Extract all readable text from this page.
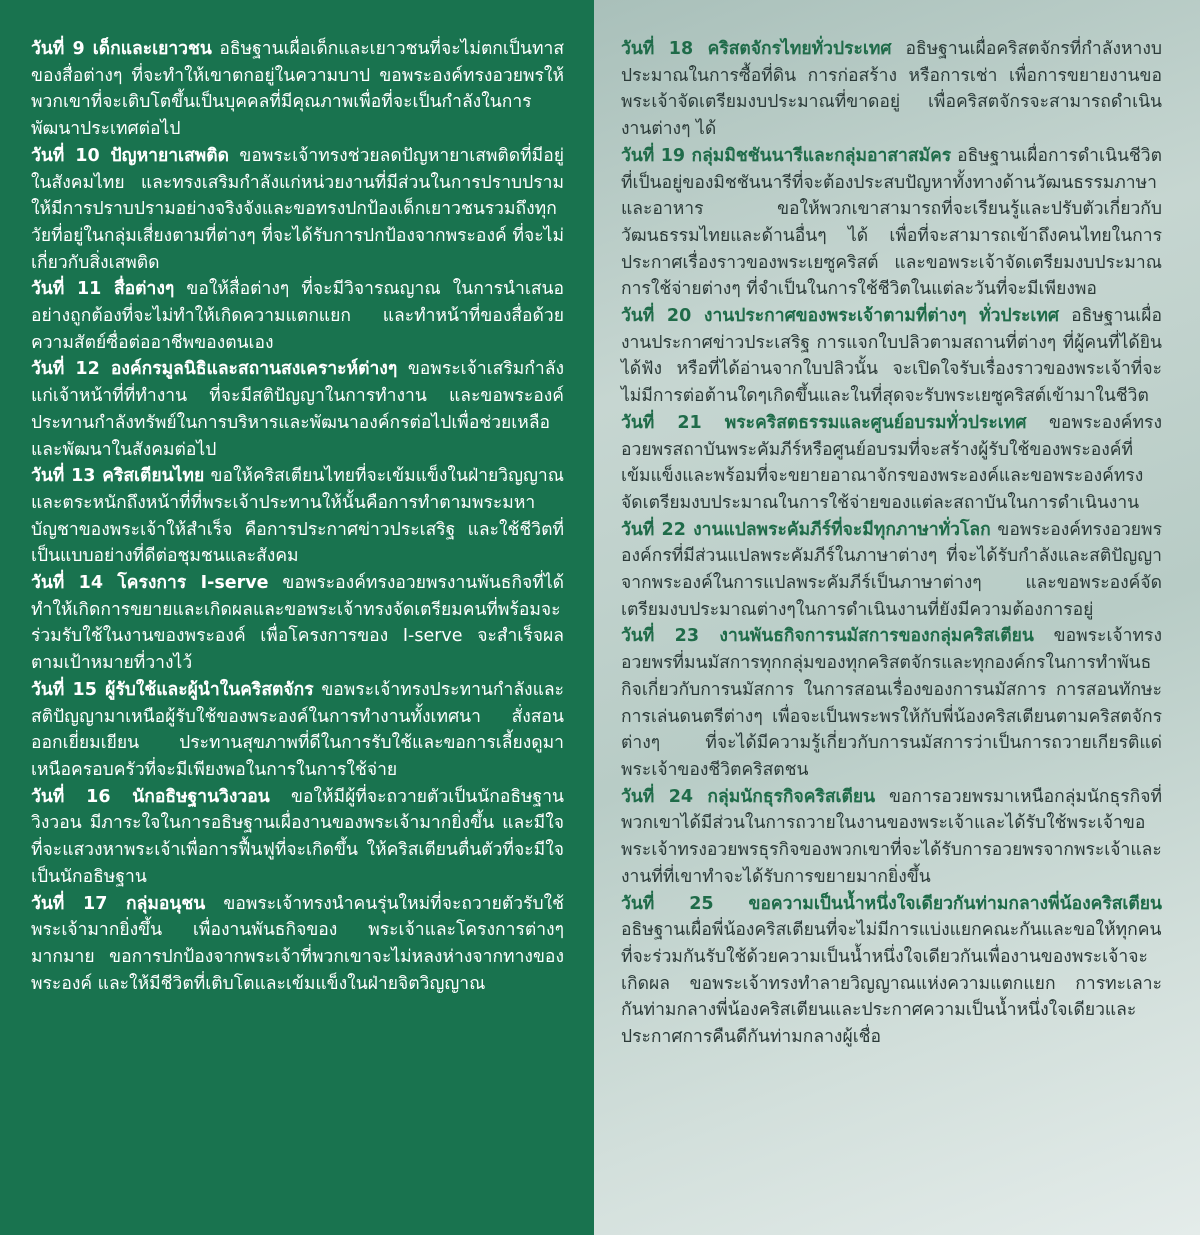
วันที่ 9 เด็กและเยาวชน อธิษฐานเผื่อเด็กและเยาวชนที่จะไม่ตกเป็นทาสของสื่อต่างๆ ที่จะทำให้เขาตกอยู่ในความบาป ขอพระองค์ทรงอวยพรให้พวกเขาที่จะเติบโตขึ้นเป็นบุคคลที่มีคุณภาพเพื่อที่จะเป็นกำลังในการพัฒนาประเทศต่อไป

วันที่ 10 ปัญหายาเสพติด ขอพระเจ้าทรงช่วยลดปัญหายาเสพติดที่มีอยู่ในสังคมไทย และทรงเสริมกำลังแก่หน่วยงานที่มีส่วนในการปราบปรามให้มีการปราบปรามอย่างจริงจังและขอทรงปกป้องเด็กเยาวชนรวมถึงทุกวัยที่อยู่ในกลุ่มเสี่ยงตามที่ต่างๆ ที่จะได้รับการปกป้องจากพระองค์ ที่จะไม่เกี่ยวกับสิ่งเสพติด

วันที่ 11 สื่อต่างๆ ขอให้สื่อต่างๆ ที่จะมีวิจารณญาณ ในการนำเสนออย่างถูกต้องที่จะไม่ทำให้เกิดความแตกแยก และทำหน้าที่ของสื่อด้วยความสัตย์ซื่อต่ออาชีพของตนเอง

วันที่ 12 องค์กรมูลนิธิและสถานสงเคราะห์ต่างๆ ขอพระเจ้าเสริมกำลังแก่เจ้าหน้าที่ที่ทำงาน ที่จะมีสติปัญญาในการทำงาน และขอพระองค์ประทานกำลังทรัพย์ในการบริหารและพัฒนาองค์กรต่อไปเพื่อช่วยเหลือและพัฒนาในสังคมต่อไป

วันที่ 13 คริสเตียนไทย ขอให้คริสเตียนไทยที่จะเข้มแข็งในฝ่ายวิญญาณ และตระหนักถึงหน้าที่ที่พระเจ้าประทานให้นั้นคือการทำตามพระมหาบัญชาของพระเจ้าให้สำเร็จ คือการประกาศข่าวประเสริฐ และใช้ชีวิตที่เป็นแบบอย่างที่ดีต่อชุมชนและสังคม

วันที่ 14 โครงการ I-serve ขอพระองค์ทรงอวยพรงานพันธกิจที่ได้ทำให้เกิดการขยายและเกิดผลและขอพระเจ้าทรงจัดเตรียมคนที่พร้อมจะร่วมรับใช้ในงานของพระองค์ เพื่อโครงการของ I-serve จะสำเร็จผลตามเป้าหมายที่วางไว้

วันที่ 15 ผู้รับใช้และผู้นำในคริสตจักร ขอพระเจ้าทรงประทานกำลังและสติปัญญามาเหนือผู้รับใช้ของพระองค์ในการทำงานทั้งเทศนา สั่งสอน ออกเยี่ยมเยียน ประทานสุขภาพที่ดีในการรับใช้และขอการเลี้ยงดูมาเหนือครอบครัวที่จะมีเพียงพอในการในการใช้จ่าย

วันที่ 16 นักอธิษฐานวิงวอน ขอให้มีผู้ที่จะถวายตัวเป็นนักอธิษฐานวิงวอน มีภาระใจในการอธิษฐานเผื่องานของพระเจ้ามากยิ่งขึ้น และมีใจที่จะแสวงหาพระเจ้าเพื่อการฟื้นฟูที่จะเกิดขึ้น ให้คริสเตียนตื่นตัวที่จะมีใจเป็นนักอธิษฐาน

วันที่ 17 กลุ่มอนุชน ขอพระเจ้าทรงนำคนรุ่นใหม่ที่จะถวายตัวรับใช้พระเจ้ามากยิ่งขึ้น เพื่องานพันธกิจของ พระเจ้าและโครงการต่างๆ มากมาย ขอการปกป้องจากพระเจ้าที่พวกเขาจะไม่หลงห่างจากทางของพระองค์ และให้มีชีวิตที่เติบโตและเข้มแข็งในฝ่ายจิตวิญญาณ

วันที่ 18 คริสตจักรไทยทั่วประเทศ อธิษฐานเผื่อคริสตจักรที่กำลังหางบประมาณในการซื้อที่ดิน การก่อสร้าง หรือการเช่า เพื่อการขยายงานขอพระเจ้าจัดเตรียมงบประมาณที่ขาดอยู่ เพื่อคริสตจักรจะสามารถดำเนินงานต่างๆ ได้

วันที่ 19 กลุ่มมิชชันนารีและกลุ่มอาสาสมัคร อธิษฐานเผื่อการดำเนินชีวิตที่เป็นอยู่ของมิชชันนารีที่จะต้องประสบปัญหาทั้งทางด้านวัฒนธรรมภาษาและอาหาร ขอให้พวกเขาสามารถที่จะเรียนรู้และปรับตัวเกี่ยวกับวัฒนธรรมไทยและด้านอื่นๆ ได้ เพื่อที่จะสามารถเข้าถึงคนไทยในการประกาศเรื่องราวของพระเยซูคริสต์ และขอพระเจ้าจัดเตรียมงบประมาณการใช้จ่ายต่างๆ ที่จำเป็นในการใช้ชีวิตในแต่ละวันที่จะมีเพียงพอ

วันที่ 20 งานประกาศของพระเจ้าตามที่ต่างๆ ทั่วประเทศ อธิษฐานเผื่องานประกาศข่าวประเสริฐ การแจกใบปลิวตามสถานที่ต่างๆ ที่ผู้คนที่ได้ยินได้ฟัง หรือที่ได้อ่านจากใบปลิวนั้น จะเปิดใจรับเรื่องราวของพระเจ้าที่จะไม่มีการต่อต้านใดๆเกิดขึ้นและในที่สุดจะรับพระเยซูคริสต์เข้ามาในชีวิต

วันที่ 21 พระคริสตธรรมและศูนย์อบรมทั่วประเทศ ขอพระองค์ทรงอวยพรสถาบันพระคัมภีร์หรือศูนย์อบรมที่จะสร้างผู้รับใช้ของพระองค์ที่เข้มแข็งและพร้อมที่จะขยายอาณาจักรของพระองค์และขอพระองค์ทรงจัดเตรียมงบประมาณในการใช้จ่ายของแต่ละสถาบันในการดำเนินงาน

วันที่ 22 งานแปลพระคัมภีร์ที่จะมีทุกภาษาทั่วโลก ขอพระองค์ทรงอวยพรองค์กรที่มีส่วนแปลพระคัมภีร์ในภาษาต่างๆ ที่จะได้รับกำลังและสติปัญญาจากพระองค์ในการแปลพระคัมภีร์เป็นภาษาต่างๆ และขอพระองค์จัดเตรียมงบประมาณต่างๆในการดำเนินงานที่ยังมีความต้องการอยู่

วันที่ 23 งานพันธกิจการนมัสการของกลุ่มคริสเตียน ขอพระเจ้าทรงอวยพรที่มนมัสการทุกกลุ่มของทุกคริสตจักรและทุกองค์กรในการทำพันธกิจเกี่ยวกับการนมัสการ ในการสอนเรื่องของการนมัสการ การสอนทักษะการเล่นดนตรีต่างๆ เพื่อจะเป็นพระพรให้กับพี่น้องคริสเตียนตามคริสตจักรต่างๆ ที่จะได้มีความรู้เกี่ยวกับการนมัสการว่าเป็นการถวายเกียรติแด่พระเจ้าของชีวิตคริสตชน

วันที่ 24 กลุ่มนักธุรกิจคริสเตียน ขอการอวยพรมาเหนือกลุ่มนักธุรกิจที่พวกเขาได้มีส่วนในการถวายในงานของพระเจ้าและได้รับใช้พระเจ้าขอพระเจ้าทรงอวยพรธุรกิจของพวกเขาที่จะได้รับการอวยพรจากพระเจ้าและงานที่ที่เขาทำจะได้รับการขยายมากยิ่งขึ้น

วันที่ 25 ขอความเป็นน้ำหนึ่งใจเดียวกันท่ามกลางพี่น้องคริสเตียน อธิษฐานเผื่อพี่น้องคริสเตียนที่จะไม่มีการแบ่งแยกคณะกันและขอให้ทุกคนที่จะร่วมกันรับใช้ด้วยความเป็นน้ำหนึ่งใจเดียวกันเพื่องานของพระเจ้าจะเกิดผล ขอพระเจ้าทรงทำลายวิญญาณแห่งความแตกแยก การทะเลาะกันท่ามกลางพี่น้องคริสเตียนและประกาศความเป็นน้ำหนึ่งใจเดียวและประกาศการคืนดีกันท่ามกลางผู้เชื่อ
